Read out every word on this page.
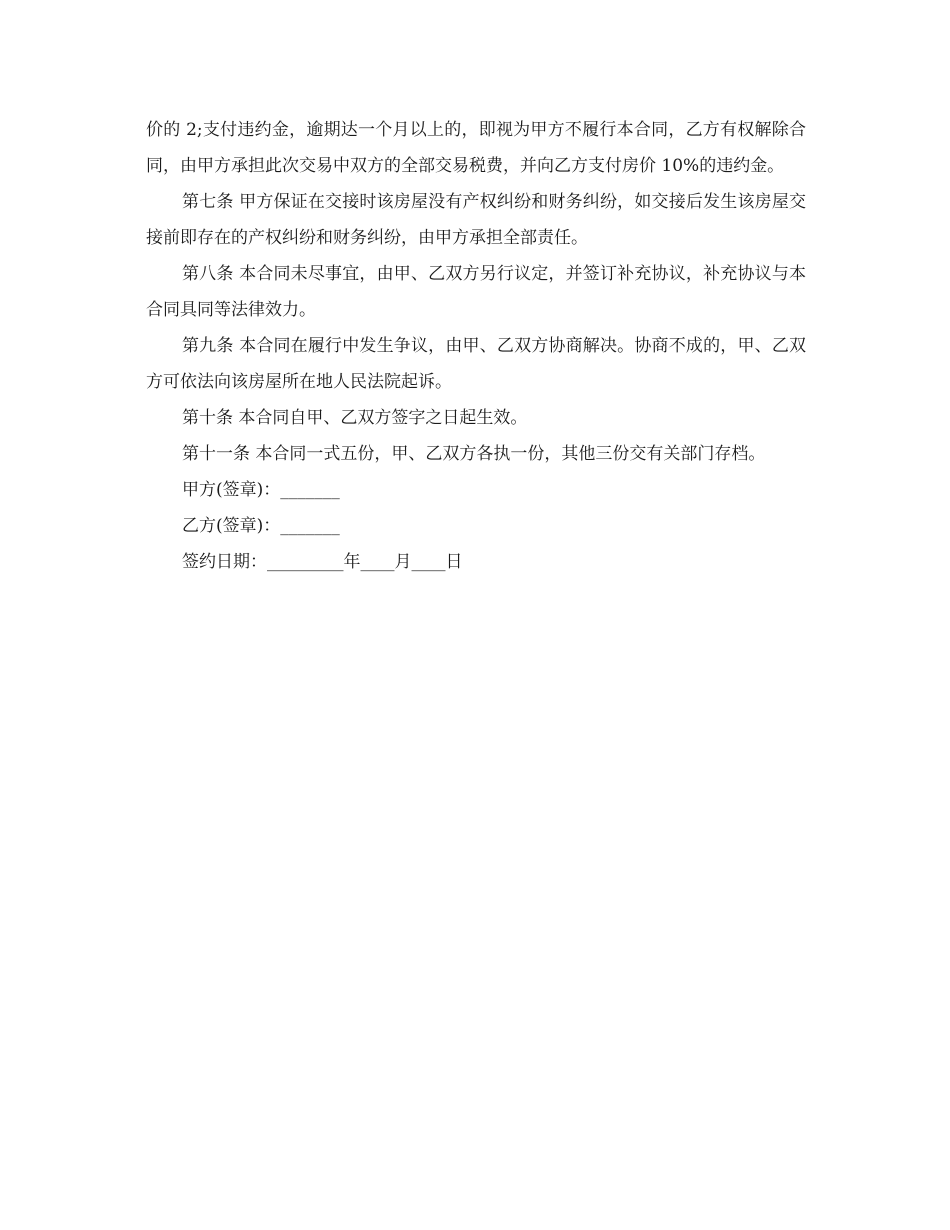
价的 2;支付违约金，逾期达一个月以上的，即视为甲方不履行本合同，乙方有权解除合同，由甲方承担此次交易中双方的全部交易税费，并向乙方支付房价 10%的违约金。

第七条 甲方保证在交接时该房屋没有产权纠纷和财务纠纷，如交接后发生该房屋交接前即存在的产权纠纷和财务纠纷，由甲方承担全部责任。

第八条 本合同未尽事宜，由甲、乙双方另行议定，并签订补充协议，补充协议与本合同具同等法律效力。

第九条 本合同在履行中发生争议，由甲、乙双方协商解决。协商不成的，甲、乙双方可依法向该房屋所在地人民法院起诉。

第十条 本合同自甲、乙双方签字之日起生效。

第十一条 本合同一式五份，甲、乙双方各执一份，其他三份交有关部门存档。

甲方(签章)：_______

乙方(签章)：_______

签约日期：_________年____月____日
